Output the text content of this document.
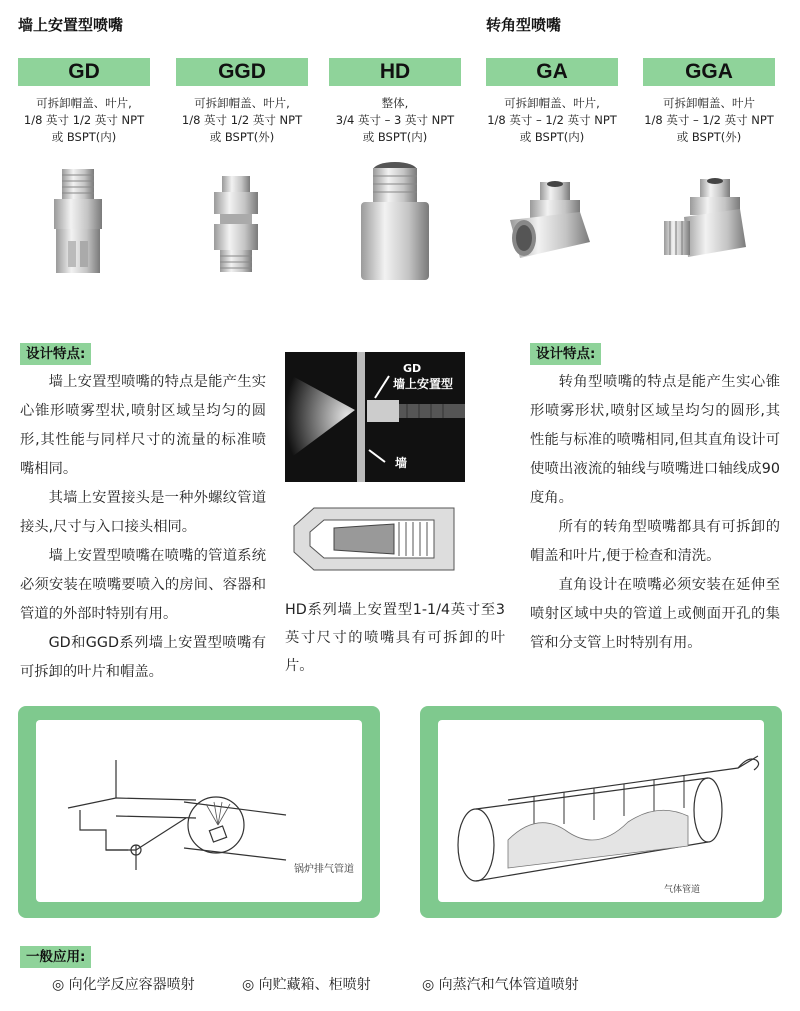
墙上安置型喷嘴	转角型喷嘴
GD	GGD	HD	GA	GGA
可拆卸帽盖、叶片,
1/8 英寸 1/2 英寸 NPT
或 BSPT(内)
可拆卸帽盖、叶片,
1/8 英寸 1/2 英寸 NPT
或 BSPT(外)
整体,
3/4 英寸 – 3 英寸 NPT
或 BSPT(内)
可拆卸帽盖、叶片,
1/8 英寸 – 1/2 英寸 NPT
或 BSPT(内)
可拆卸帽盖、叶片
1/8 英寸 – 1/2 英寸 NPT
或 BSPT(外)
设计特点:

墙上安置型喷嘴的特点是能产生实心锥形喷雾型状,喷射区域呈均匀的圆形,其性能与同样尺寸的流量的标准喷嘴相同。

其墙上安置接头是一种外螺纹管道接头,尺寸与入口接头相同。

墙上安置型喷嘴在喷嘴的管道系统必须安装在喷嘴要喷入的房间、容器和管道的外部时特别有用。

GD和GGD系列墙上安置型喷嘴有可拆卸的叶片和帽盖。

GD
墙上安置型
墙
HD系列墙上安置型1-1/4英寸至3英寸尺寸的喷嘴具有可拆卸的叶片。
设计特点:

转角型喷嘴的特点是能产生实心锥形喷雾形状,喷射区域呈均匀的圆形,其性能与标准的喷嘴相同,但其直角设计可使喷出液流的轴线与喷嘴进口轴线成90度角。

所有的转角型喷嘴都具有可拆卸的帽盖和叶片,便于检查和清洗。

直角设计在喷嘴必须安装在延伸至喷射区域中央的管道上或侧面开孔的集管和分支管上时特别有用。

锅炉排气管道
气体管道
一般应用:
◎ 向化学反应容器喷射	◎ 向贮藏箱、柜喷射	◎ 向蒸汽和气体管道喷射
